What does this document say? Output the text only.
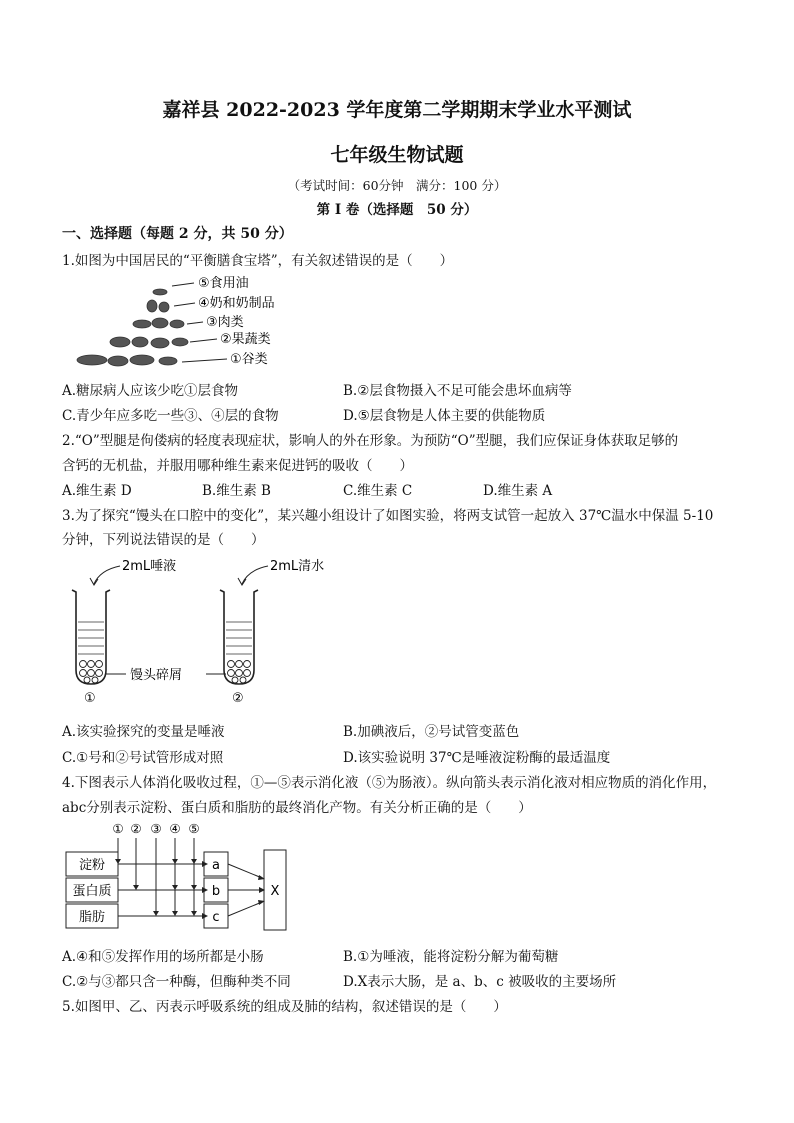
嘉祥县 2022-2023 学年度第二学期期末学业水平测试
七年级生物试题
（考试时间：60分钟　满分：100 分）
第 I 卷（选择题　50 分）
一、选择题（每题 2 分，共 50 分）
1.如图为中国居民的“平衡膳食宝塔”，有关叙述错误的是（　　）
⑤食用油
④奶和奶制品
③肉类
②果蔬类
①谷类
A.糖尿病人应该少吃①层食物	B.②层食物摄入不足可能会患坏血病等
C.青少年应多吃一些③、④层的食物	D.⑤层食物是人体主要的供能物质
2.“O”型腿是佝偻病的轻度表现症状，影响人的外在形象。为预防“O”型腿，我们应保证身体获取足够的
含钙的无机盐，并服用哪种维生素来促进钙的吸收（　　）
A.维生素 D	B.维生素 B	C.维生素 C	D.维生素 A
3.为了探究“馒头在口腔中的变化”，某兴趣小组设计了如图实验，将两支试管一起放入 37℃温水中保温 5-10
分钟，下列说法错误的是（　　）
2mL唾液	2mL清水
馒头碎屑
①	②
A.该实验探究的变量是唾液	B.加碘液后，②号试管变蓝色
C.①号和②号试管形成对照	D.该实验说明 37℃是唾液淀粉酶的最适温度
4.下图表示人体消化吸收过程，①—⑤表示消化液（⑤为肠液）。纵向箭头表示消化液对相应物质的消化作用，
abc分别表示淀粉、蛋白质和脂肪的最终消化产物。有关分析正确的是（　　）
① ② ③ ④ ⑤
淀粉
蛋白质
脂肪
a
b
c
X
A.④和⑤发挥作用的场所都是小肠	B.①为唾液，能将淀粉分解为葡萄糖
C.②与③都只含一种酶，但酶种类不同	D.X表示大肠，是 a、b、c 被吸收的主要场所
5.如图甲、乙、丙表示呼吸系统的组成及肺的结构，叙述错误的是（　　）
